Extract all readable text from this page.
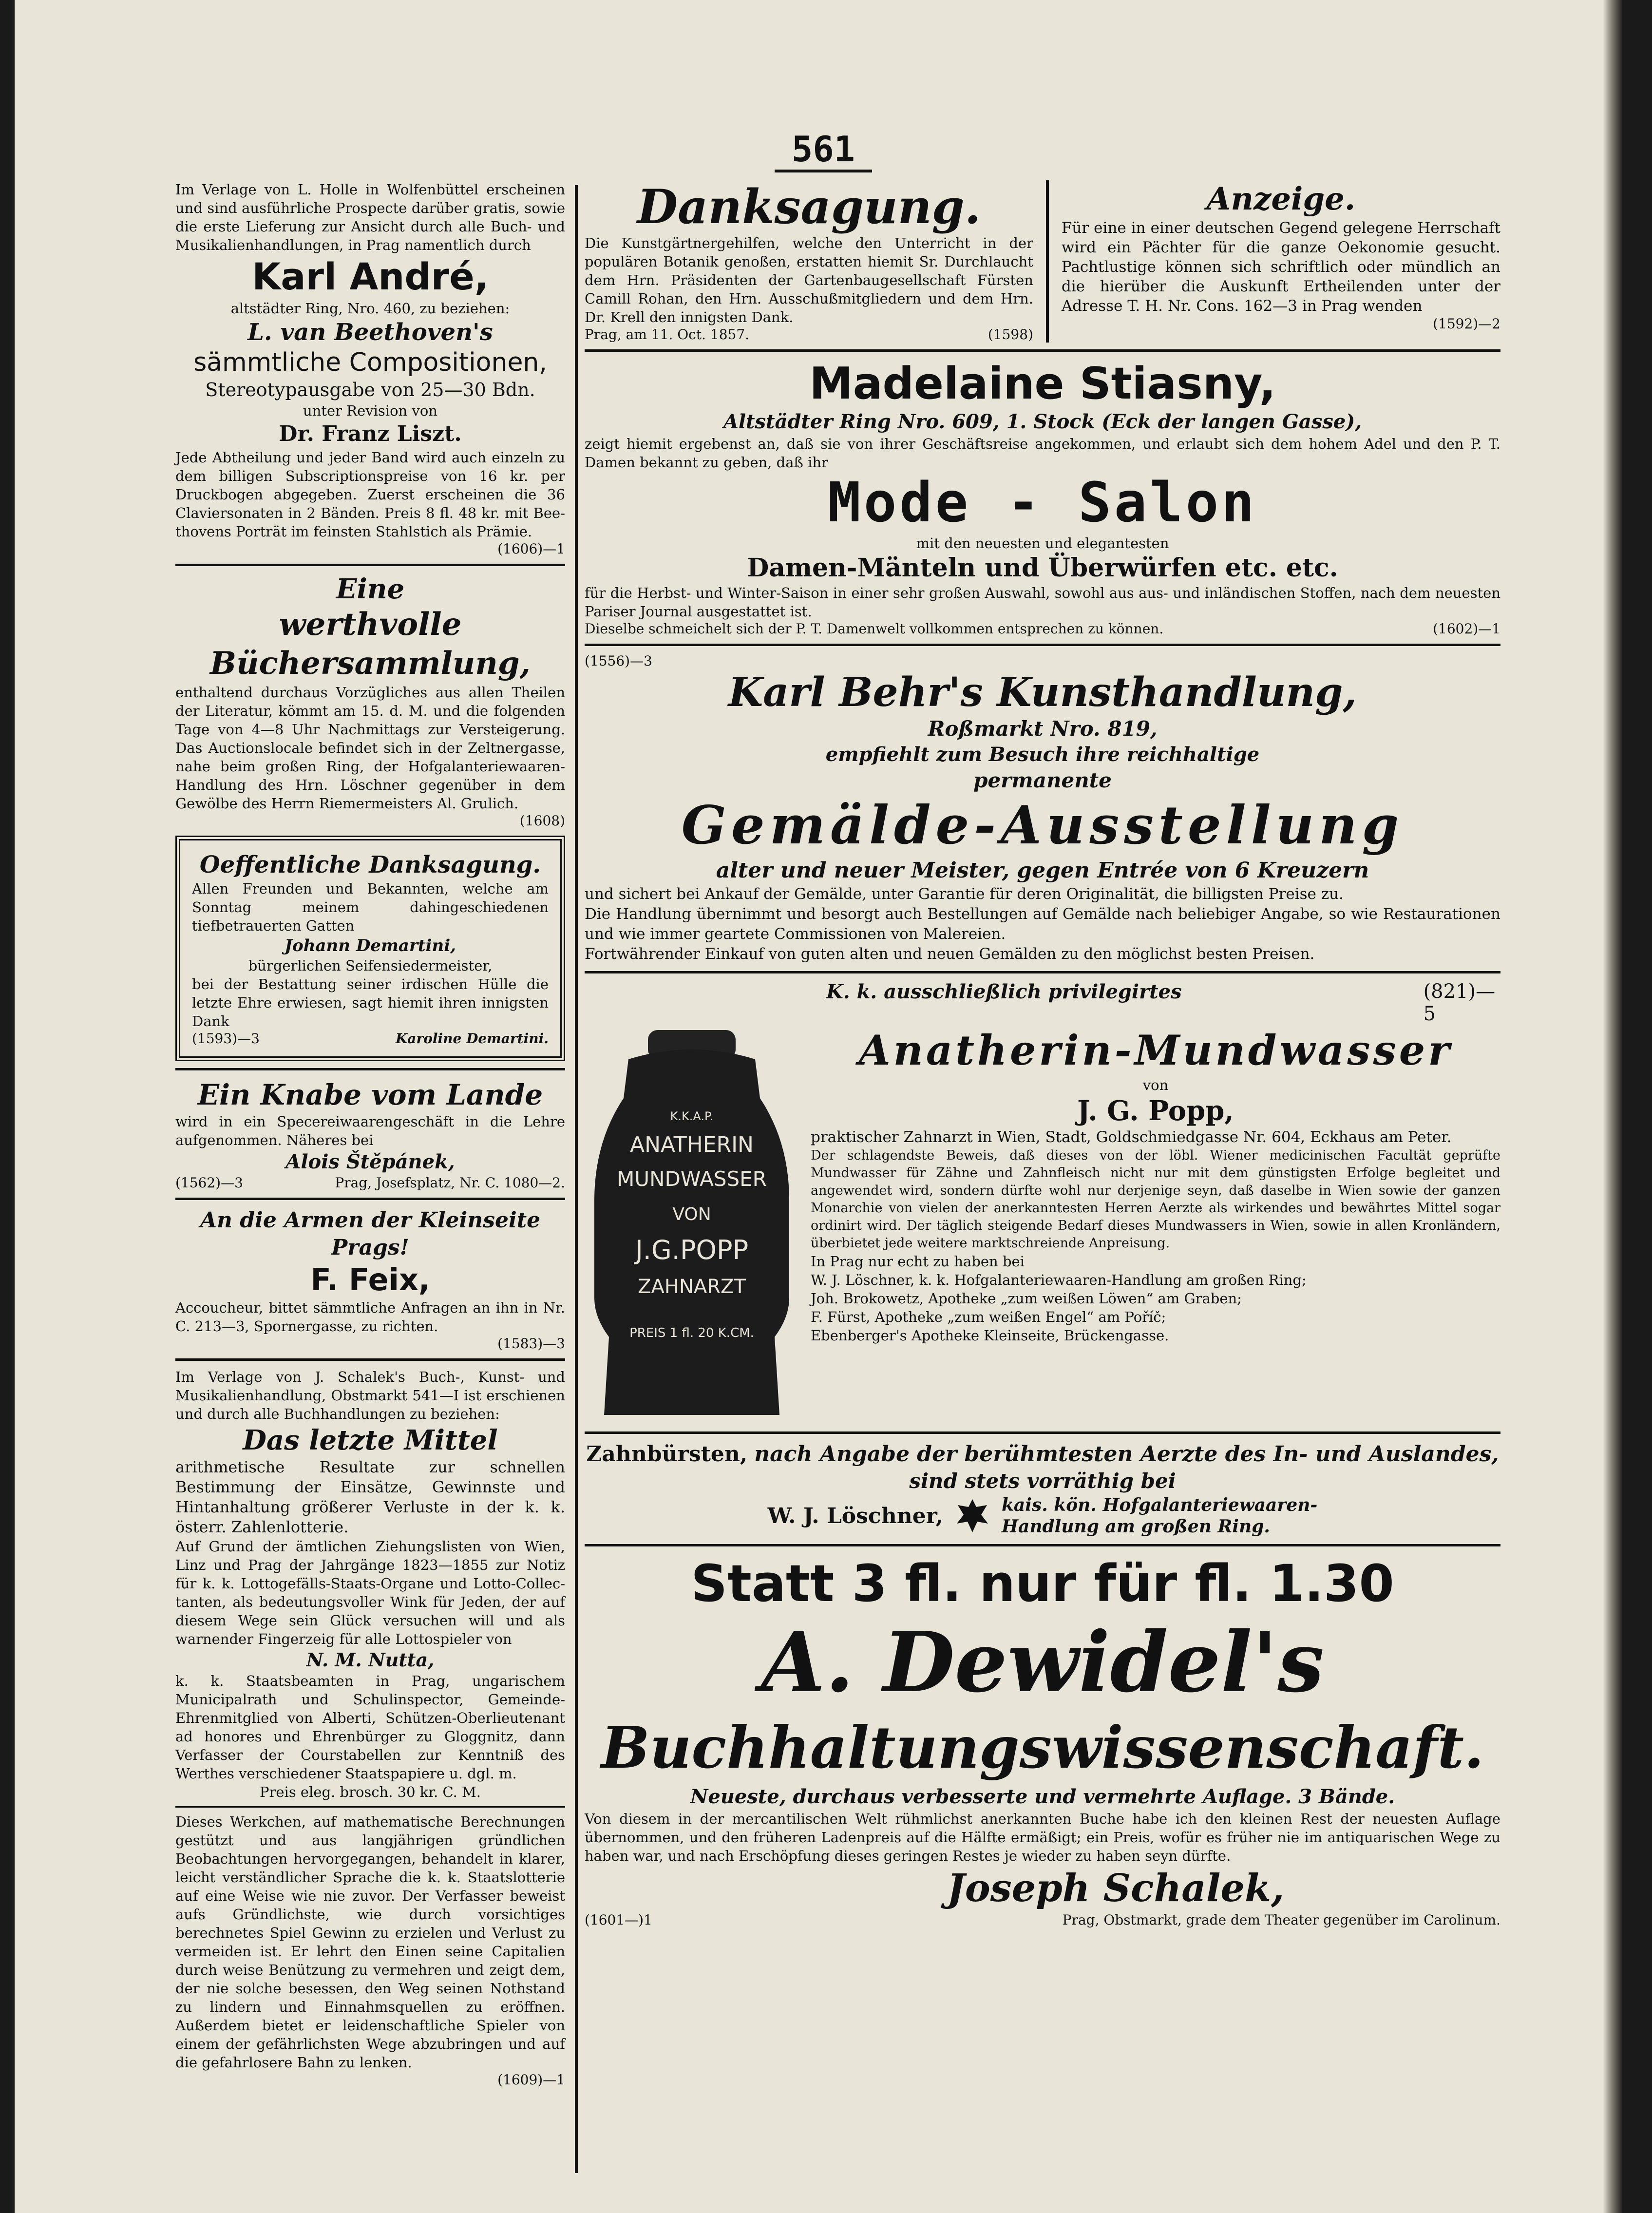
561

Im Verlage von L. Holle in Wolfenbüttel erscheinen und sind ausführliche Prospecte darüber gratis, sowie die erste Lieferung zur Ansicht durch alle Buch- und Musikalienhandlungen, in Prag namentlich durch

Karl André,
altstädter Ring, Nro. 460, zu beziehen:
L. van Beethoven's
sämmtliche Compositionen,
Stereotypausgabe von 25—30 Bdn.
unter Revision von
Dr. Franz Liszt.

Jede Abtheilung und jeder Band wird auch einzeln zu dem billigen Subscriptionspreise von 16 kr. per Druckbogen abgegeben. Zuerst erscheinen die 36 Claviersonaten in 2 Bänden. Preis 8 fl. 48 kr. mit Beethovens Porträt im feinsten Stahlstich als Prämie.

(1606)—1
Eine
werthvolle Büchersammlung,

enthaltend durchaus Vorzügliches aus allen Theilen der Literatur, kömmt am 15. d. M. und die folgenden Tage von 4—8 Uhr Nachmittags zur Versteigerung. Das Auctionslocale befindet sich in der Zeltnergasse, nahe beim großen Ring, der Hofgalanteriewaaren-Handlung des Hrn. Löschner gegenüber in dem Gewölbe des Herrn Riemermeisters Al. Grulich.

(1608)
Oeffentliche Danksagung.

Allen Freunden und Bekannten, welche am Sonntag meinem dahingeschiedenen tiefbetrauerten Gatten

Johann Demartini,
bürgerlichen Seifensiedermeister,

bei der Bestattung seiner irdischen Hülle die letzte Ehre erwiesen, sagt hiemit ihren innigsten Dank

(1593)—3	Karoline Demartini.
Ein Knabe vom Lande

wird in ein Specereiwaarengeschäft in die Lehre aufgenommen. Näheres bei

Alois Štěpánek,
(1562)—3	Prag, Josefsplatz, Nr. C. 1080—2.
An die Armen der Kleinseite Prags!
F. Feix,

Accoucheur, bittet sämmtliche Anfragen an ihn in Nr. C. 213—3, Spornergasse, zu richten.

(1583)—3

Im Verlage von J. Schalek's Buch-, Kunst- und Musikalienhandlung, Obstmarkt 541—I ist erschienen und durch alle Buchhandlungen zu beziehen:

Das letzte Mittel

arithmetische Resultate zur schnellen Bestimmung der Einsätze, Gewinnste und Hintanhaltung größerer Verluste in der k. k. österr. Zahlenlotterie.

Auf Grund der ämtlichen Ziehungslisten von Wien, Linz und Prag der Jahrgänge 1823—1855 zur Notiz für k. k. Lottogefälls-Staats-Organe und Lotto-Collectanten, als bedeutungsvoller Wink für Jeden, der auf diesem Wege sein Glück versuchen will und als warnender Fingerzeig für alle Lottospieler von

N. M. Nutta,

k. k. Staatsbeamten in Prag, ungarischem Municipalrath und Schulinspector, Gemeinde-Ehrenmitglied von Alberti, Schützen-Oberlieutenant ad honores und Ehrenbürger zu Gloggnitz, dann Verfasser der Courstabellen zur Kenntniß des Werthes verschiedener Staatspapiere u. dgl. m.

Preis eleg. brosch. 30 kr. C. M.

Dieses Werkchen, auf mathematische Berechnungen gestützt und aus langjährigen gründlichen Beobachtungen hervorgegangen, behandelt in klarer, leicht verständlicher Sprache die k. k. Staatslotterie auf eine Weise wie nie zuvor. Der Verfasser beweist aufs Gründlichste, wie durch vorsichtiges berechnetes Spiel Gewinn zu erzielen und Verlust zu vermeiden ist. Er lehrt den Einen seine Capitalien durch weise Benützung zu vermehren und zeigt dem, der nie solche besessen, den Weg seinen Nothstand zu lindern und Einnahmsquellen zu eröffnen. Außerdem bietet er leidenschaftliche Spieler von einem der gefährlichsten Wege abzubringen und auf die gefahrlosere Bahn zu lenken.

(1609)—1
Danksagung.

Die Kunstgärtnergehilfen, welche den Unterricht in der populären Botanik genoßen, erstatten hiemit Sr. Durchlaucht dem Hrn. Präsidenten der Gartenbaugesellschaft Fürsten Camill Rohan, den Hrn. Ausschußmitgliedern und dem Hrn. Dr. Krell den innigsten Dank.

Prag, am 11. Oct. 1857.	(1598)
Anzeige.

Für eine in einer deutschen Gegend gelegene Herrschaft wird ein Pächter für die ganze Oekonomie gesucht. Pachtlustige können sich schriftlich oder mündlich an die hierüber die Auskunft Ertheilenden unter der Adresse T. H. Nr. Cons. 162—3 in Prag wenden

(1592)—2
Madelaine Stiasny,
Altstädter Ring Nro. 609, 1. Stock (Eck der langen Gasse),

zeigt hiemit ergebenst an, daß sie von ihrer Geschäftsreise angekommen, und erlaubt sich dem hohem Adel und den P. T. Damen bekannt zu geben, daß ihr

Mode - Salon
mit den neuesten und elegantesten
Damen-Mänteln und Überwürfen etc. etc.

für die Herbst- und Winter-Saison in einer sehr großen Auswahl, sowohl aus aus- und inländischen Stoffen, nach dem neuesten Pariser Journal ausgestattet ist.

Dieselbe schmeichelt sich der P. T. Damenwelt vollkommen entsprechen zu können.	(1602)—1
(1556)—3
Karl Behr's Kunsthandlung,
Roßmarkt Nro. 819,
empfiehlt zum Besuch ihre reichhaltige
permanente
Gemälde-Ausstellung
alter und neuer Meister, gegen Entrée von 6 Kreuzern

und sichert bei Ankauf der Gemälde, unter Garantie für deren Originalität, die billigsten Preise zu.

Die Handlung übernimmt und besorgt auch Bestellungen auf Gemälde nach beliebiger Angabe, so wie Restaurationen und wie immer geartete Commissionen von Malereien.

Fortwährender Einkauf von guten alten und neuen Gemälden zu den möglichst besten Preisen.

K. k. ausschließlich privilegirtes	(821)—5
K.K.A.P.
ANATHERIN
MUNDWASSER
VON
J.G.POPP
ZAHNARZT
PREIS 1 fl. 20 K.CM.
Anatherin-Mundwasser
von
J. G. Popp,

praktischer Zahnarzt in Wien, Stadt, Goldschmiedgasse Nr. 604, Eckhaus am Peter.

Der schlagendste Beweis, daß dieses von der löbl. Wiener medicinischen Facultät geprüfte Mundwasser für Zähne und Zahnfleisch nicht nur mit dem günstigsten Erfolge begleitet und angewendet wird, sondern dürfte wohl nur derjenige seyn, daß daselbe in Wien sowie der ganzen Monarchie von vielen der anerkanntesten Herren Aerzte als wirkendes und bewährtes Mittel sogar ordinirt wird. Der täglich steigende Bedarf dieses Mundwassers in Wien, sowie in allen Kronländern, überbietet jede weitere marktschreiende Anpreisung.

In Prag nur echt zu haben bei
W. J. Löschner, k. k. Hofgalanteriewaaren-Handlung am großen Ring;
Joh. Brokowetz, Apotheke „zum weißen Löwen“ am Graben;
F. Fürst, Apotheke „zum weißen Engel“ am Poříč;
Ebenberger's Apotheke Kleinseite, Brückengasse.
Zahnbürsten, nach Angabe der berühmtesten Aerzte des In- und Auslandes,
sind stets vorräthig bei
W. J. Löschner,	kais. kön. Hofgalanteriewaaren-
Handlung am großen Ring.
Statt 3 fl. nur für fl. 1.30
A. Dewidel's
Buchhaltungswissenschaft.
Neueste, durchaus verbesserte und vermehrte Auflage. 3 Bände.

Von diesem in der mercantilischen Welt rühmlichst anerkannten Buche habe ich den kleinen Rest der neuesten Auflage übernommen, und den früheren Ladenpreis auf die Hälfte ermäßigt; ein Preis, wofür es früher nie im antiquarischen Wege zu haben war, und nach Erschöpfung dieses geringen Restes je wieder zu haben seyn dürfte.

Joseph Schalek,
(1601—)1	Prag, Obstmarkt, grade dem Theater gegenüber im Carolinum.
